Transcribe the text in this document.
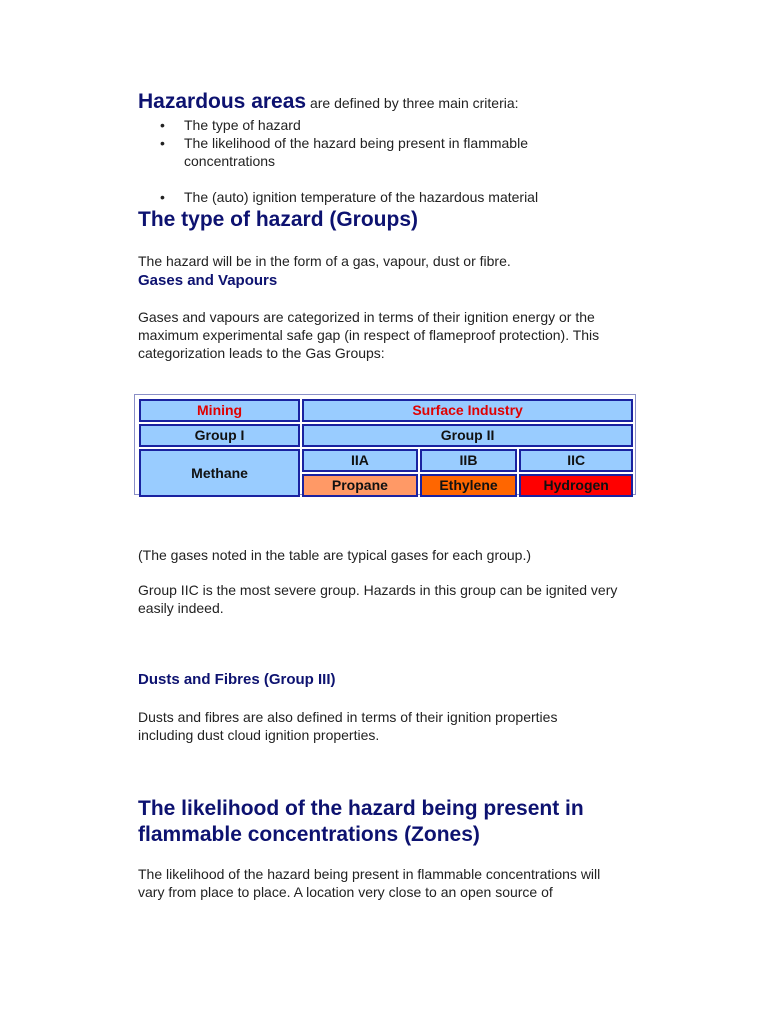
Hazardous areas are defined by three main criteria:

• The type of hazard
• The likelihood of the hazard being present in flammable concentrations
• The (auto) ignition temperature of the hazardous material
The type of hazard (Groups)

The hazard will be in the form of a gas, vapour, dust or fibre.

Gases and Vapours

Gases and vapours are categorized in terms of their ignition energy or the maximum experimental safe gap (in respect of flameproof protection). This categorization leads to the Gas Groups:

Mining	Surface Industry		
Group I	Group II		
Methane	IIA	IIB	IIC
	Propane	Ethylene	Hydrogen

(The gases noted in the table are typical gases for each group.)

Group IIC is the most severe group. Hazards in this group can be ignited very easily indeed.

Dusts and Fibres (Group III)

Dusts and fibres are also defined in terms of their ignition properties including dust cloud ignition properties.

The likelihood of the hazard being present in flammable concentrations (Zones)

The likelihood of the hazard being present in flammable concentrations will vary from place to place. A location very close to an open source of
